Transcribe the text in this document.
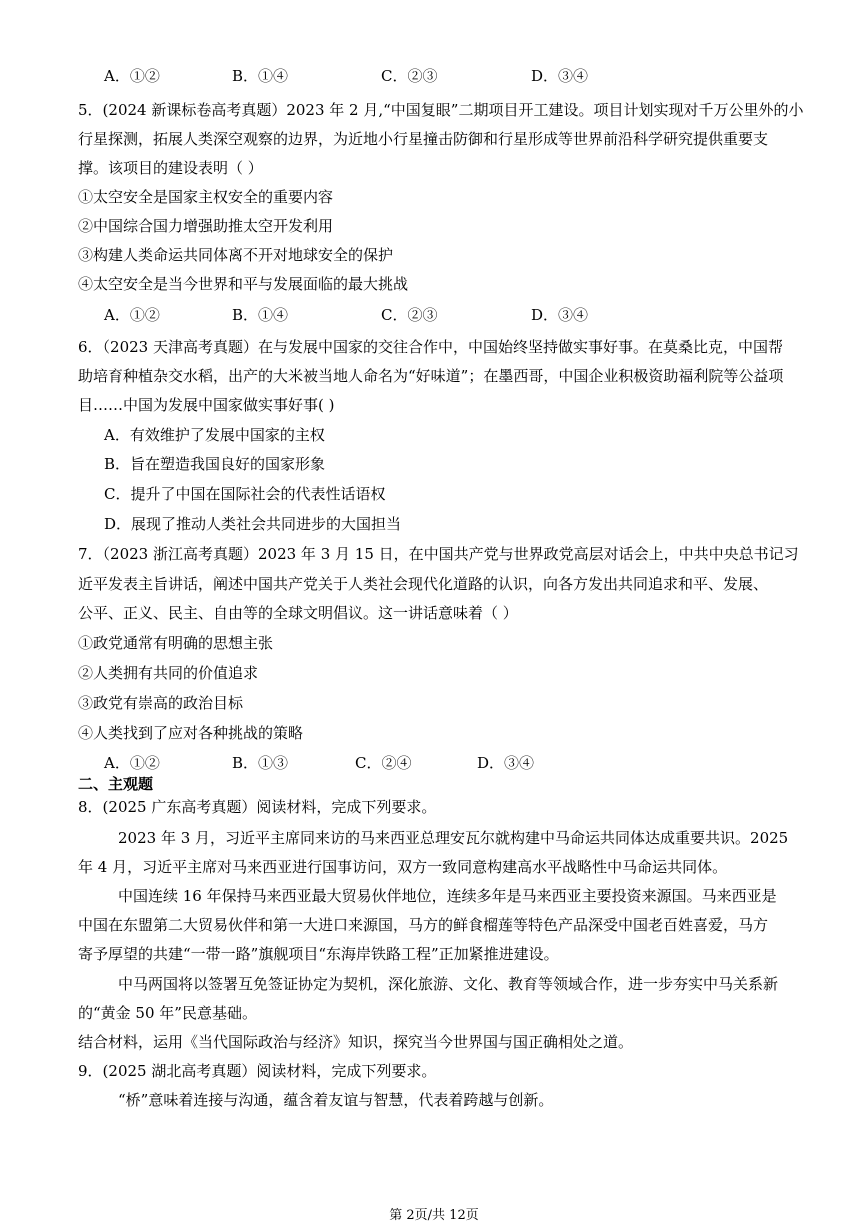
A．①②	B．①④	C．②③	D．③④
5．(2024 新课标卷高考真题）2023 年 2 月,“中国复眼”二期项目开工建设。项目计划实现对千万公里外的小
行星探测，拓展人类深空观察的边界，为近地小行星撞击防御和行星形成等世界前沿科学研究提供重要支
撑。该项目的建设表明（ ）
①太空安全是国家主权安全的重要内容
②中国综合国力增强助推太空开发利用
③构建人类命运共同体离不开对地球安全的保护
④太空安全是当今世界和平与发展面临的最大挑战
A．①②	B．①④	C．②③	D．③④
6．（2023 天津高考真题）在与发展中国家的交往合作中，中国始终坚持做实事好事。在莫桑比克，中国帮
助培育种植杂交水稻，出产的大米被当地人命名为“好味道”；在墨西哥，中国企业积极资助福利院等公益项
目……中国为发展中国家做实事好事( )
A．有效维护了发展中国家的主权
B．旨在塑造我国良好的国家形象
C．提升了中国在国际社会的代表性话语权
D．展现了推动人类社会共同进步的大国担当
7．（2023 浙江高考真题）2023 年 3 月 15 日，在中国共产党与世界政党高层对话会上，中共中央总书记习
近平发表主旨讲话，阐述中国共产党关于人类社会现代化道路的认识，向各方发出共同追求和平、发展、
公平、正义、民主、自由等的全球文明倡议。这一讲话意味着（ ）
①政党通常有明确的思想主张
②人类拥有共同的价值追求
③政党有崇高的政治目标
④人类找到了应对各种挑战的策略
A．①②	B．①③	C．②④	D．③④
二、主观题
8．(2025 广东高考真题）阅读材料，完成下列要求。
2023 年 3 月，习近平主席同来访的马来西亚总理安瓦尔就构建中马命运共同体达成重要共识。2025
年 4 月，习近平主席对马来西亚进行国事访问，双方一致同意构建高水平战略性中马命运共同体。
中国连续 16 年保持马来西亚最大贸易伙伴地位，连续多年是马来西亚主要投资来源国。马来西亚是
中国在东盟第二大贸易伙伴和第一大进口来源国，马方的鲜食榴莲等特色产品深受中国老百姓喜爱，马方
寄予厚望的共建“一带一路”旗舰项目“东海岸铁路工程”正加紧推进建设。
中马两国将以签署互免签证协定为契机，深化旅游、文化、教育等领域合作，进一步夯实中马关系新
的“黄金 50 年”民意基础。
结合材料，运用《当代国际政治与经济》知识，探究当今世界国与国正确相处之道。
9．(2025 湖北高考真题）阅读材料，完成下列要求。
“桥”意味着连接与沟通，蕴含着友谊与智慧，代表着跨越与创新。
第 2页/共 12页
